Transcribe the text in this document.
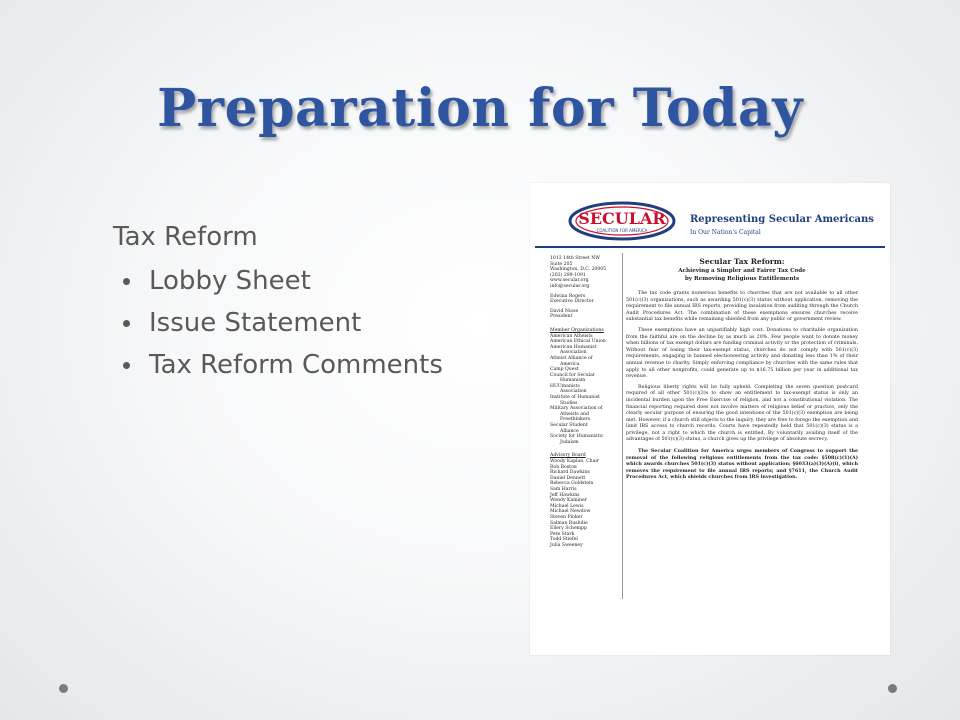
Preparation for Today
Tax Reform
Lobby Sheet
Issue Statement
Tax Reform Comments
SECULAR
COALITION FOR AMERICA
Representing Secular Americans
In Our Nation's Capital
1012 14th Street NW
Suite 205
Washington, D.C. 20005
(202) 299-1091
www.secular.org
info@secular.org
Edwina Rogers
Executive Director
David Niose
President
Member Organizations
American Atheists
American Ethical Union
American Humanist
Association
Atheist Alliance of
America
Camp Quest
Council for Secular
Humanism
HUUmanists
Association
Institute of Humanist
Studies
Military Association of
Atheists and
Freethinkers
Secular Student
Alliance
Society for Humanistic
Judaism
Advisory Board
Woody Kaplan, Chair
Rob Boston
Richard Dawkins
Daniel Dennett
Rebecca Goldstein
Sam Harris
Jeff Hawkins
Wendy Kaminer
Michael Lewis
Michael Newdow
Steven Pinker
Salman Rushdie
Ellery Schempp
Pete Stark
Todd Stiefel
Julia Sweeney
Secular Tax Reform:
Achieving a Simpler and Fairer Tax Code
by Removing Religious Entitlements
The tax code grants numerous benefits to churches that are not available to all other 501(c)(3) organizations, such as awarding 501(c)(3) status without application, removing the requirement to file annual IRS reports, providing insulation from auditing through the Church Audit Procedures Act. The combination of these exemptions ensures churches receive substantial tax benefits while remaining shielded from any public or government review.
These exemptions have an unjustifiably high cost. Donations to charitable organization from the faithful are on the decline by as much as 20%. Few people want to donate money when billions of tax exempt dollars are funding criminal activity or the protection of criminals. Without fear of losing their tax-exempt status, churches do not comply with 501(c)(3) requirements, engaging in banned electioneering activity and donating less than 1% of their annual revenue to charity. Simply enforcing compliance by churches with the same rules that apply to all other nonprofits, could generate up to $16.75 billion per year in additional tax revenue.
Religious liberty rights will be fully upheld. Completing the seven question postcard required of all other 501(c)(3)s to show an entitlement to tax-exempt status is only an incidental burden upon the Free Exercise of religion, and not a constitutional violation. The financial reporting required does not involve matters of religious belief or practice, only the clearly secular purpose of ensuring the good intentions of the 501(c)(3) exemption are being met. However, if a church still objects to the inquiry, they are free to forego the exemption and limit IRS access to church records. Courts have repeatedly held that 501(c)(3) status is a privilege, not a right to which the church is entitled. By voluntarily availing itself of the advantages of 501(c)(3) status, a church gives up the privilege of absolute secrecy.
The Secular Coalition for America urges members of Congress to support the removal of the following religious entitlements from the tax code: §508(c)(1)(A) which awards churches 501(c)(3) status without application; §6033(a)(3)(A)(i), which removes the requirement to file annual IRS reports; and §7611, the Church Audit Procedures Act, which shields churches from IRS investigation.
